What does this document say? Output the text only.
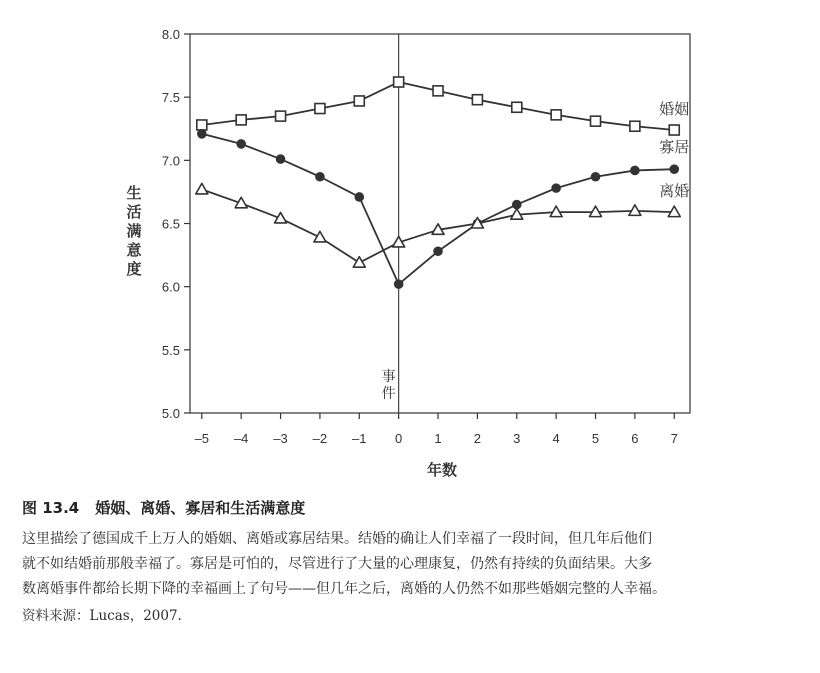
5.0
5.5
6.0
6.5
7.0
7.5
8.0
–5 –4 –3 –2 –1 0 1 2 3 4 5 6 7
事
件
生
活
满
意
度
年数
婚姻
寡居
离婚
图 13.4 婚姻、离婚、寡居和生活满意度
这里描绘了德国成千上万人的婚姻、离婚或寡居结果。结婚的确让人们幸福了一段时间，但几年后他们
就不如结婚前那般幸福了。寡居是可怕的，尽管进行了大量的心理康复，仍然有持续的负面结果。大多
数离婚事件都给长期下降的幸福画上了句号——但几年之后，离婚的人仍然不如那些婚姻完整的人幸福。
资料来源：Lucas，2007.
